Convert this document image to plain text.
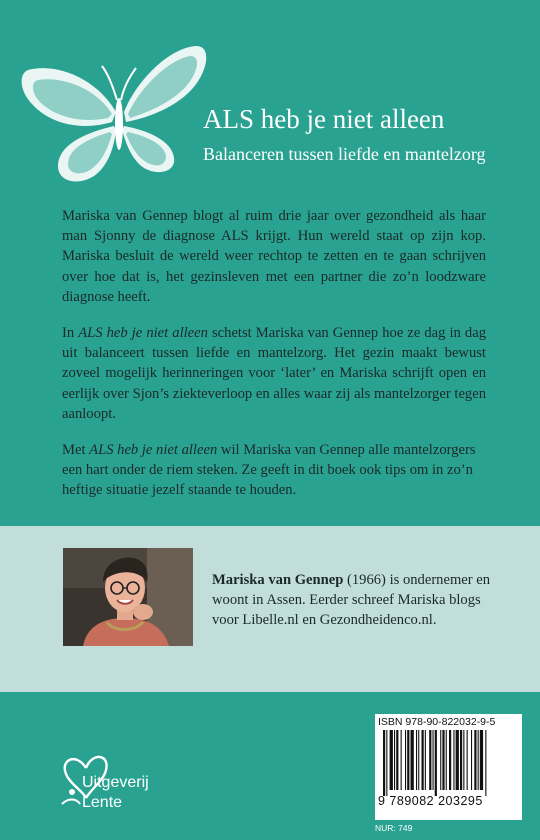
ALS heb je niet alleen
Balanceren tussen liefde en mantelzorg

Mariska van Gennep blogt al ruim drie jaar over gezondheid als haar man Sjonny de diagnose ALS krijgt. Hun wereld staat op zijn kop. Mariska besluit de wereld weer rechtop te zetten en te gaan schrijven over hoe dat is, het gezinsleven met een partner die zo’n loodzware diagnose heeft.

In ALS heb je niet alleen schetst Mariska van Gennep hoe ze dag in dag uit balanceert tussen liefde en mantelzorg. Het gezin maakt bewust zoveel mogelijk herinneringen voor ‘later’ en Mariska schrijft open en eerlijk over Sjon’s ziekteverloop en alles waar zij als mantelzorger tegen aanloopt.

Met ALS heb je niet alleen wil Mariska van Gennep alle mantelzorgers een hart onder de riem steken. Ze geeft in dit boek ook tips om in zo’n heftige situatie jezelf staande te houden.

Mariska van Gennep (1966) is ondernemer en woont in Assen. Eerder schreef Mariska blogs voor Libelle.nl en Gezondheidenco.nl.
Uitgeverij
Lente
ISBN 978-90-822032-9-5
9 789082 203295
NUR: 749
